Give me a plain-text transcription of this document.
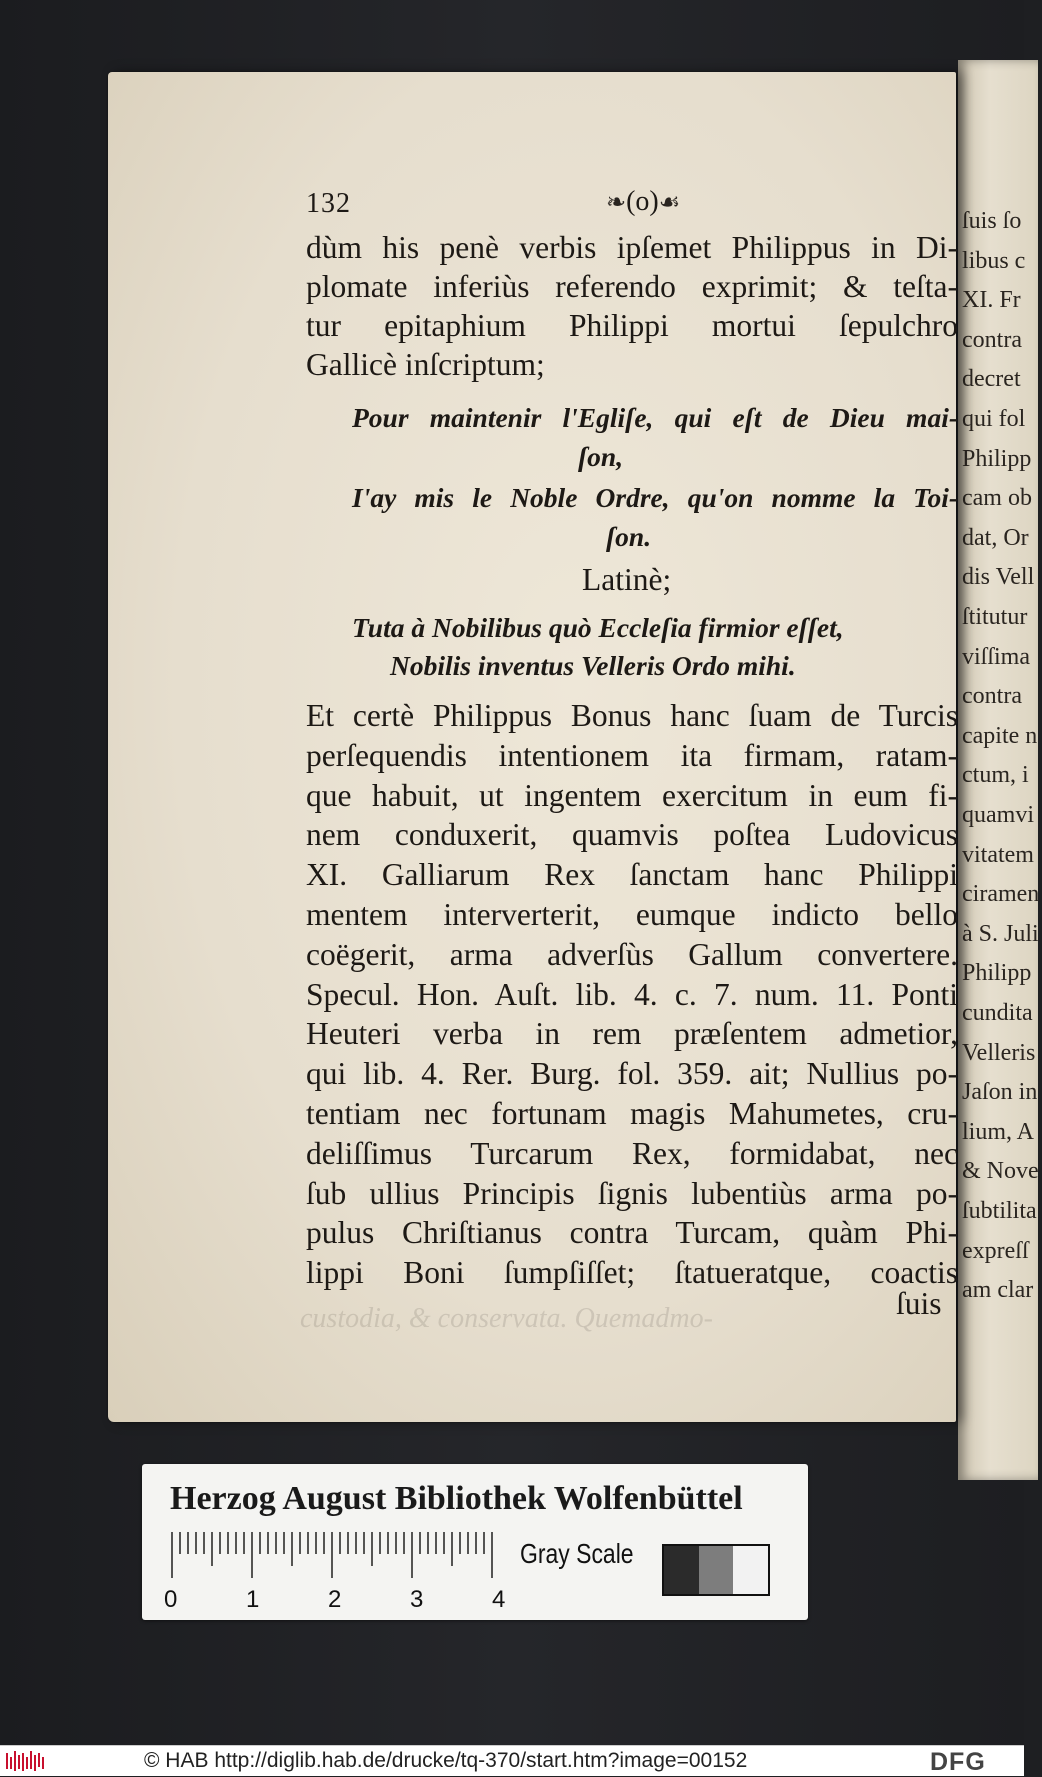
ſuis ſo
libus c
XI. Fr
contra
decret
qui fol
Philipp
cam ob
dat, Or
dis Vell
ſtitutur
viſſima
contra
capite n
ctum, i
quamvi
vitatem
ciramen
à S. Juli
Philipp
cundita
Velleris
Jaſon in
lium, A
& Nove
ſubtilita
expreſſ
am clar
132	❧(o)☙
dùm his penè verbis ipſemet Philippus in Di-
plomate inferiùs referendo exprimit; & teſta-
tur epitaphium Philippi mortui ſepulchro
Gallicè inſcriptum;
Pour maintenir l'Egliſe, qui eſt de Dieu mai-
ſon,
I'ay mis le Noble Ordre, qu'on nomme la Toi-
ſon.
Latinè;
Tuta à Nobilibus quò Eccleſia firmior eſſet,
Nobilis inventus Velleris Ordo mihi.
Et certè Philippus Bonus hanc ſuam de Turcis
perſequendis intentionem ita firmam, ratam-
que habuit, ut ingentem exercitum in eum fi-
nem conduxerit, quamvis poſtea Ludovicus
XI. Galliarum Rex ſanctam hanc Philippi
mentem interverterit, eumque indicto bello
coëgerit, arma adverſùs Gallum convertere.
Specul. Hon. Auſt. lib. 4. c. 7. num. 11. Ponti
Heuteri verba in rem præſentem admetior,
qui lib. 4. Rer. Burg. fol. 359. ait; Nullius po-
tentiam nec fortunam magis Mahumetes, cru-
deliſſimus Turcarum Rex, formidabat, nec
ſub ullius Principis ſignis lubentiùs arma po-
pulus Chriſtianus contra Turcam, quàm Phi-
lippi Boni ſumpſiſſet; ſtatueratque, coactis
ſuis
custodia, & conservata. Quemadmo-
Herzog August Bibliothek Wolfenbüttel
0	1	2	3	4
Gray Scale
© HAB http://diglib.hab.de/drucke/tq-370/start.htm?image=00152	DFG
